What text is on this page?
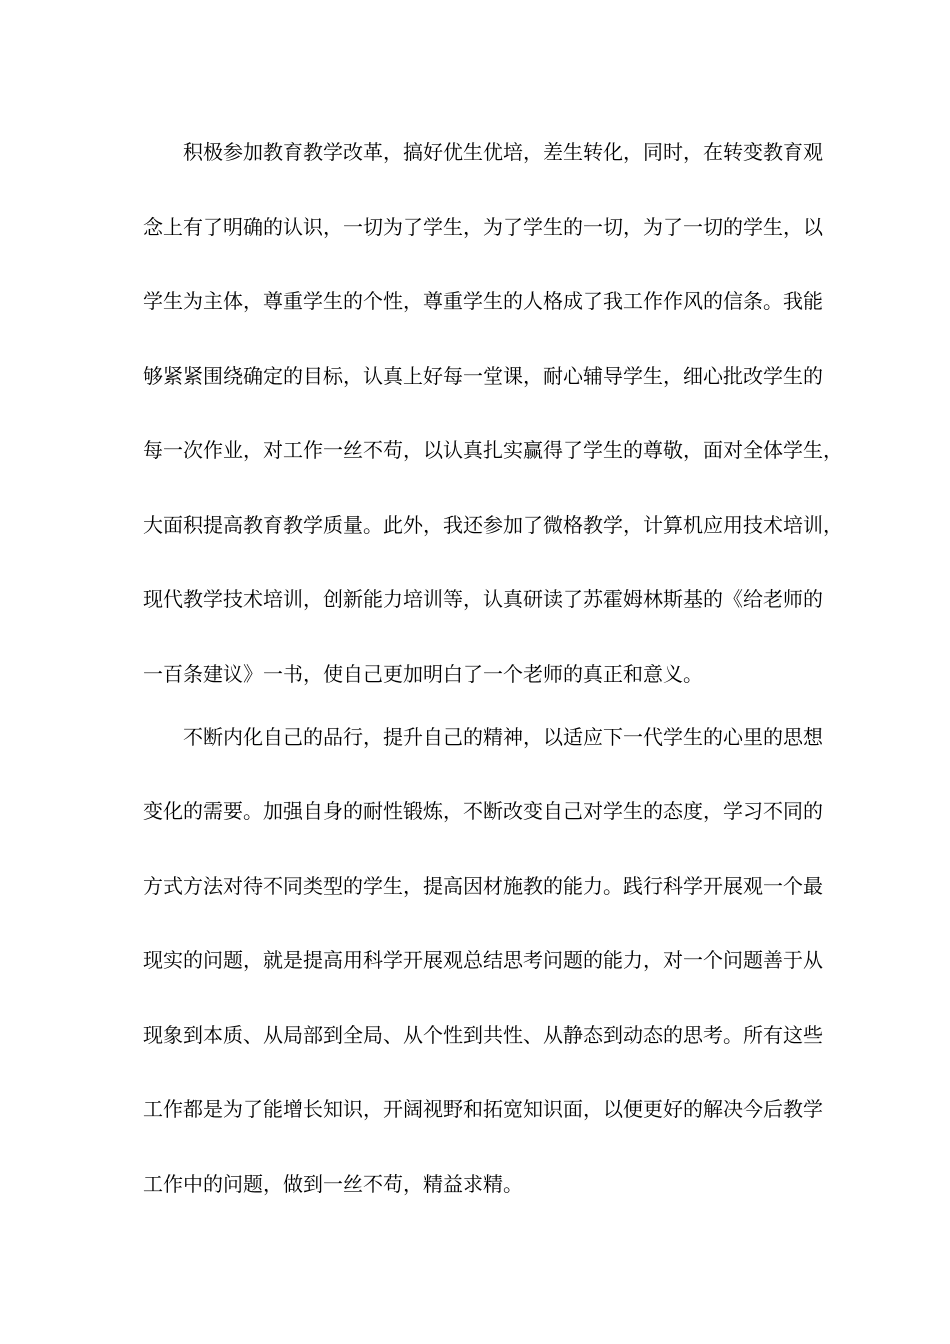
积极参加教育教学改革，搞好优生优培，差生转化，同时，在转变教育观
念上有了明确的认识，一切为了学生，为了学生的一切，为了一切的学生，以
学生为主体，尊重学生的个性，尊重学生的人格成了我工作作风的信条。我能
够紧紧围绕确定的目标，认真上好每一堂课，耐心辅导学生，细心批改学生的
每一次作业，对工作一丝不苟，以认真扎实赢得了学生的尊敬，面对全体学生，
大面积提高教育教学质量。此外，我还参加了微格教学，计算机应用技术培训，
现代教学技术培训，创新能力培训等，认真研读了苏霍姆林斯基的《给老师的
一百条建议》一书，使自己更加明白了一个老师的真正和意义。

不断内化自己的品行，提升自己的精神，以适应下一代学生的心里的思想
变化的需要。加强自身的耐性锻炼，不断改变自己对学生的态度，学习不同的
方式方法对待不同类型的学生，提高因材施教的能力。践行科学开展观一个最
现实的问题，就是提高用科学开展观总结思考问题的能力，对一个问题善于从
现象到本质、从局部到全局、从个性到共性、从静态到动态的思考。所有这些
工作都是为了能增长知识，开阔视野和拓宽知识面，以便更好的解决今后教学
工作中的问题，做到一丝不苟，精益求精。
